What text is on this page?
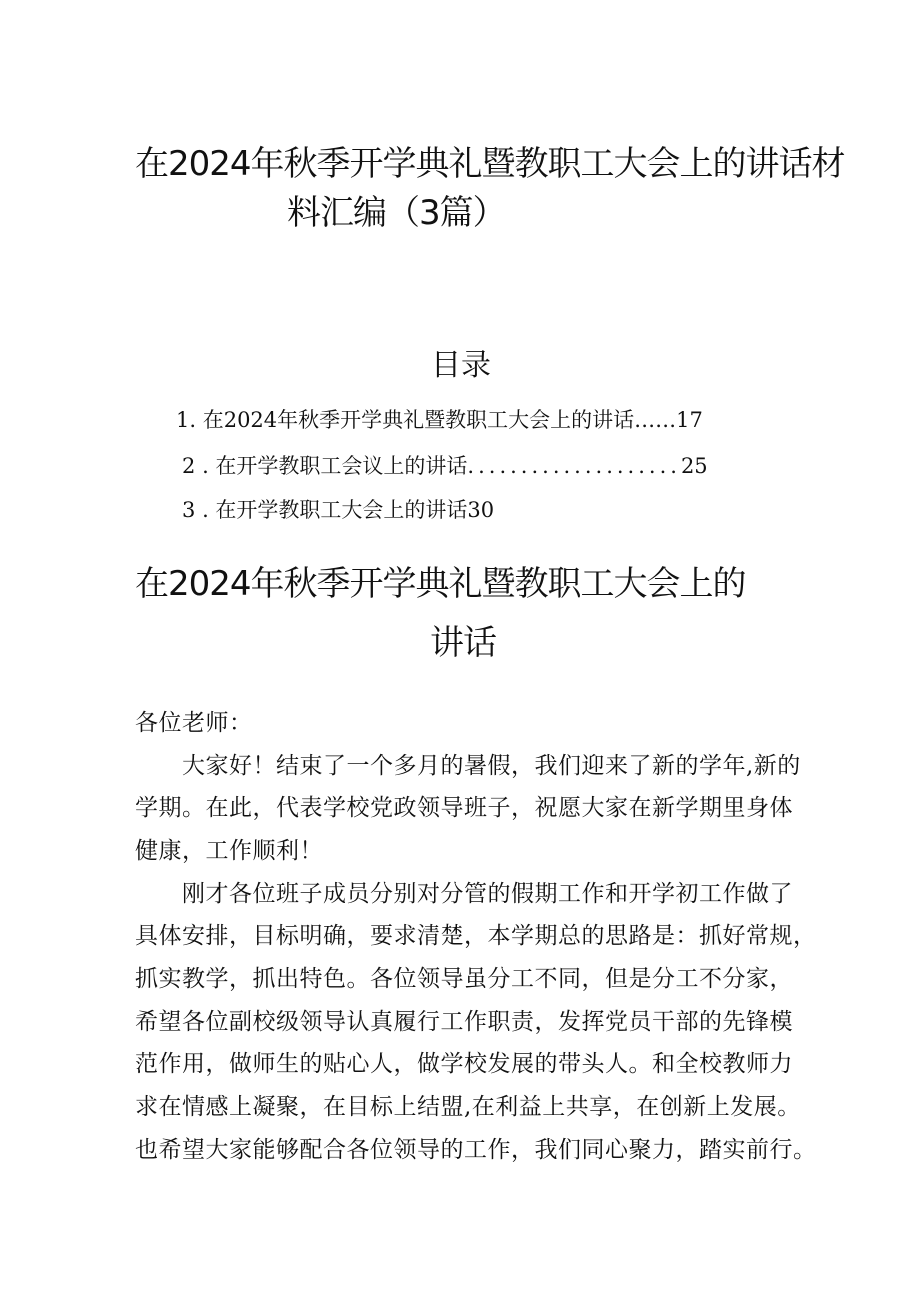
在2024年秋季开学典礼暨教职工大会上的讲话材
料汇编（3篇）
目录
1. 在2024年秋季开学典礼暨教职工大会上的讲话……17
2 . 在开学教职工会议上的讲话....................25
3 . 在开学教职工大会上的讲话30
在2024年秋季开学典礼暨教职工大会上的
讲话
各位老师：
大家好！结束了一个多月的暑假，我们迎来了新的学年,新的
学期。在此，代表学校党政领导班子，祝愿大家在新学期里身体
健康，工作顺利！
刚才各位班子成员分别对分管的假期工作和开学初工作做了
具体安排，目标明确，要求清楚，本学期总的思路是：抓好常规，
抓实教学，抓出特色。各位领导虽分工不同，但是分工不分家，
希望各位副校级领导认真履行工作职责，发挥党员干部的先锋模
范作用，做师生的贴心人，做学校发展的带头人。和全校教师力
求在情感上凝聚，在目标上结盟,在利益上共享，在创新上发展。
也希望大家能够配合各位领导的工作，我们同心聚力，踏实前行。
